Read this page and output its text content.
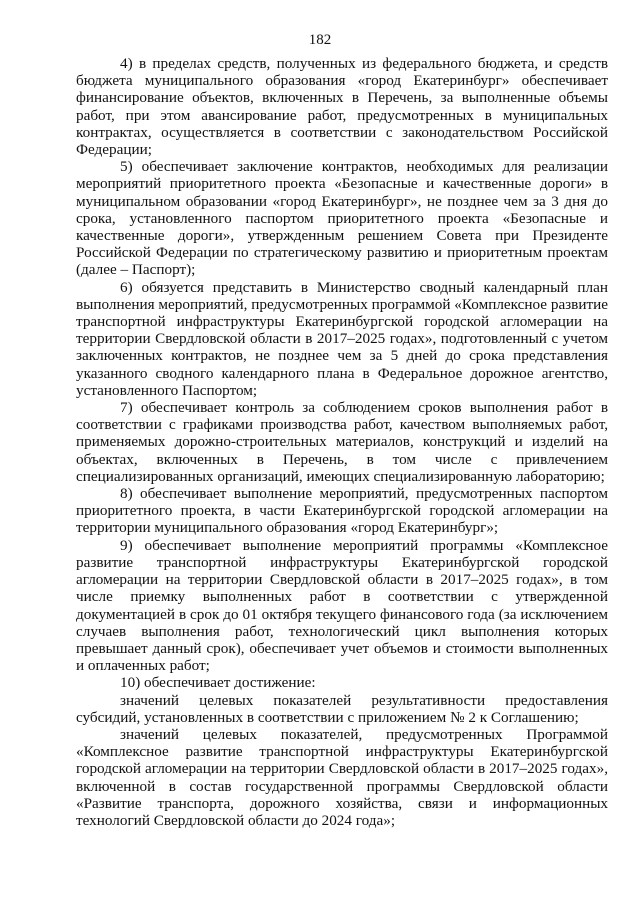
182

4) в пределах средств, полученных из федерального бюджета, и средств бюджета муниципального образования «город Екатеринбург» обеспечивает финансирование объектов, включенных в Перечень, за выполненные объемы работ, при этом авансирование работ, предусмотренных в муниципальных контрактах, осуществляется в соответствии с законодательством Российской Федерации;

5) обеспечивает заключение контрактов, необходимых для реализации мероприятий приоритетного проекта «Безопасные и качественные дороги» в муниципальном образовании «город Екатеринбург», не позднее чем за 3 дня до срока, установленного паспортом приоритетного проекта «Безопасные и качественные дороги», утвержденным решением Совета при Президенте Российской Федерации по стратегическому развитию и приоритетным проектам (далее – Паспорт);

6) обязуется представить в Министерство сводный календарный план выполнения мероприятий, предусмотренных программой «Комплексное развитие транспортной инфраструктуры Екатеринбургской городской агломерации на территории Свердловской области в 2017–2025 годах», подготовленный с учетом заключенных контрактов, не позднее чем за 5 дней до срока представления указанного сводного календарного плана в Федеральное дорожное агентство, установленного Паспортом;

7) обеспечивает контроль за соблюдением сроков выполнения работ в соответствии с графиками производства работ, качеством выполняемых работ, применяемых дорожно-строительных материалов, конструкций и изделий на объектах, включенных в Перечень, в том числе с привлечением специализированных организаций, имеющих специализированную лабораторию;

8) обеспечивает выполнение мероприятий, предусмотренных паспортом приоритетного проекта, в части Екатеринбургской городской агломерации на территории муниципального образования «город Екатеринбург»;

9) обеспечивает выполнение мероприятий программы «Комплексное развитие транспортной инфраструктуры Екатеринбургской городской агломерации на территории Свердловской области в 2017–2025 годах», в том числе приемку выполненных работ в соответствии с утвержденной документацией в срок до 01 октября текущего финансового года (за исключением случаев выполнения работ, технологический цикл выполнения которых превышает данный срок), обеспечивает учет объемов и стоимости выполненных и оплаченных работ;

10) обеспечивает достижение:

значений целевых показателей результативности предоставления субсидий, установленных в соответствии с приложением № 2 к Соглашению;

значений целевых показателей, предусмотренных Программой «Комплексное развитие транспортной инфраструктуры Екатеринбургской городской агломерации на территории Свердловской области в 2017–2025 годах», включенной в состав государственной программы Свердловской области «Развитие транспорта, дорожного хозяйства, связи и информационных технологий Свердловской области до 2024 года»;
